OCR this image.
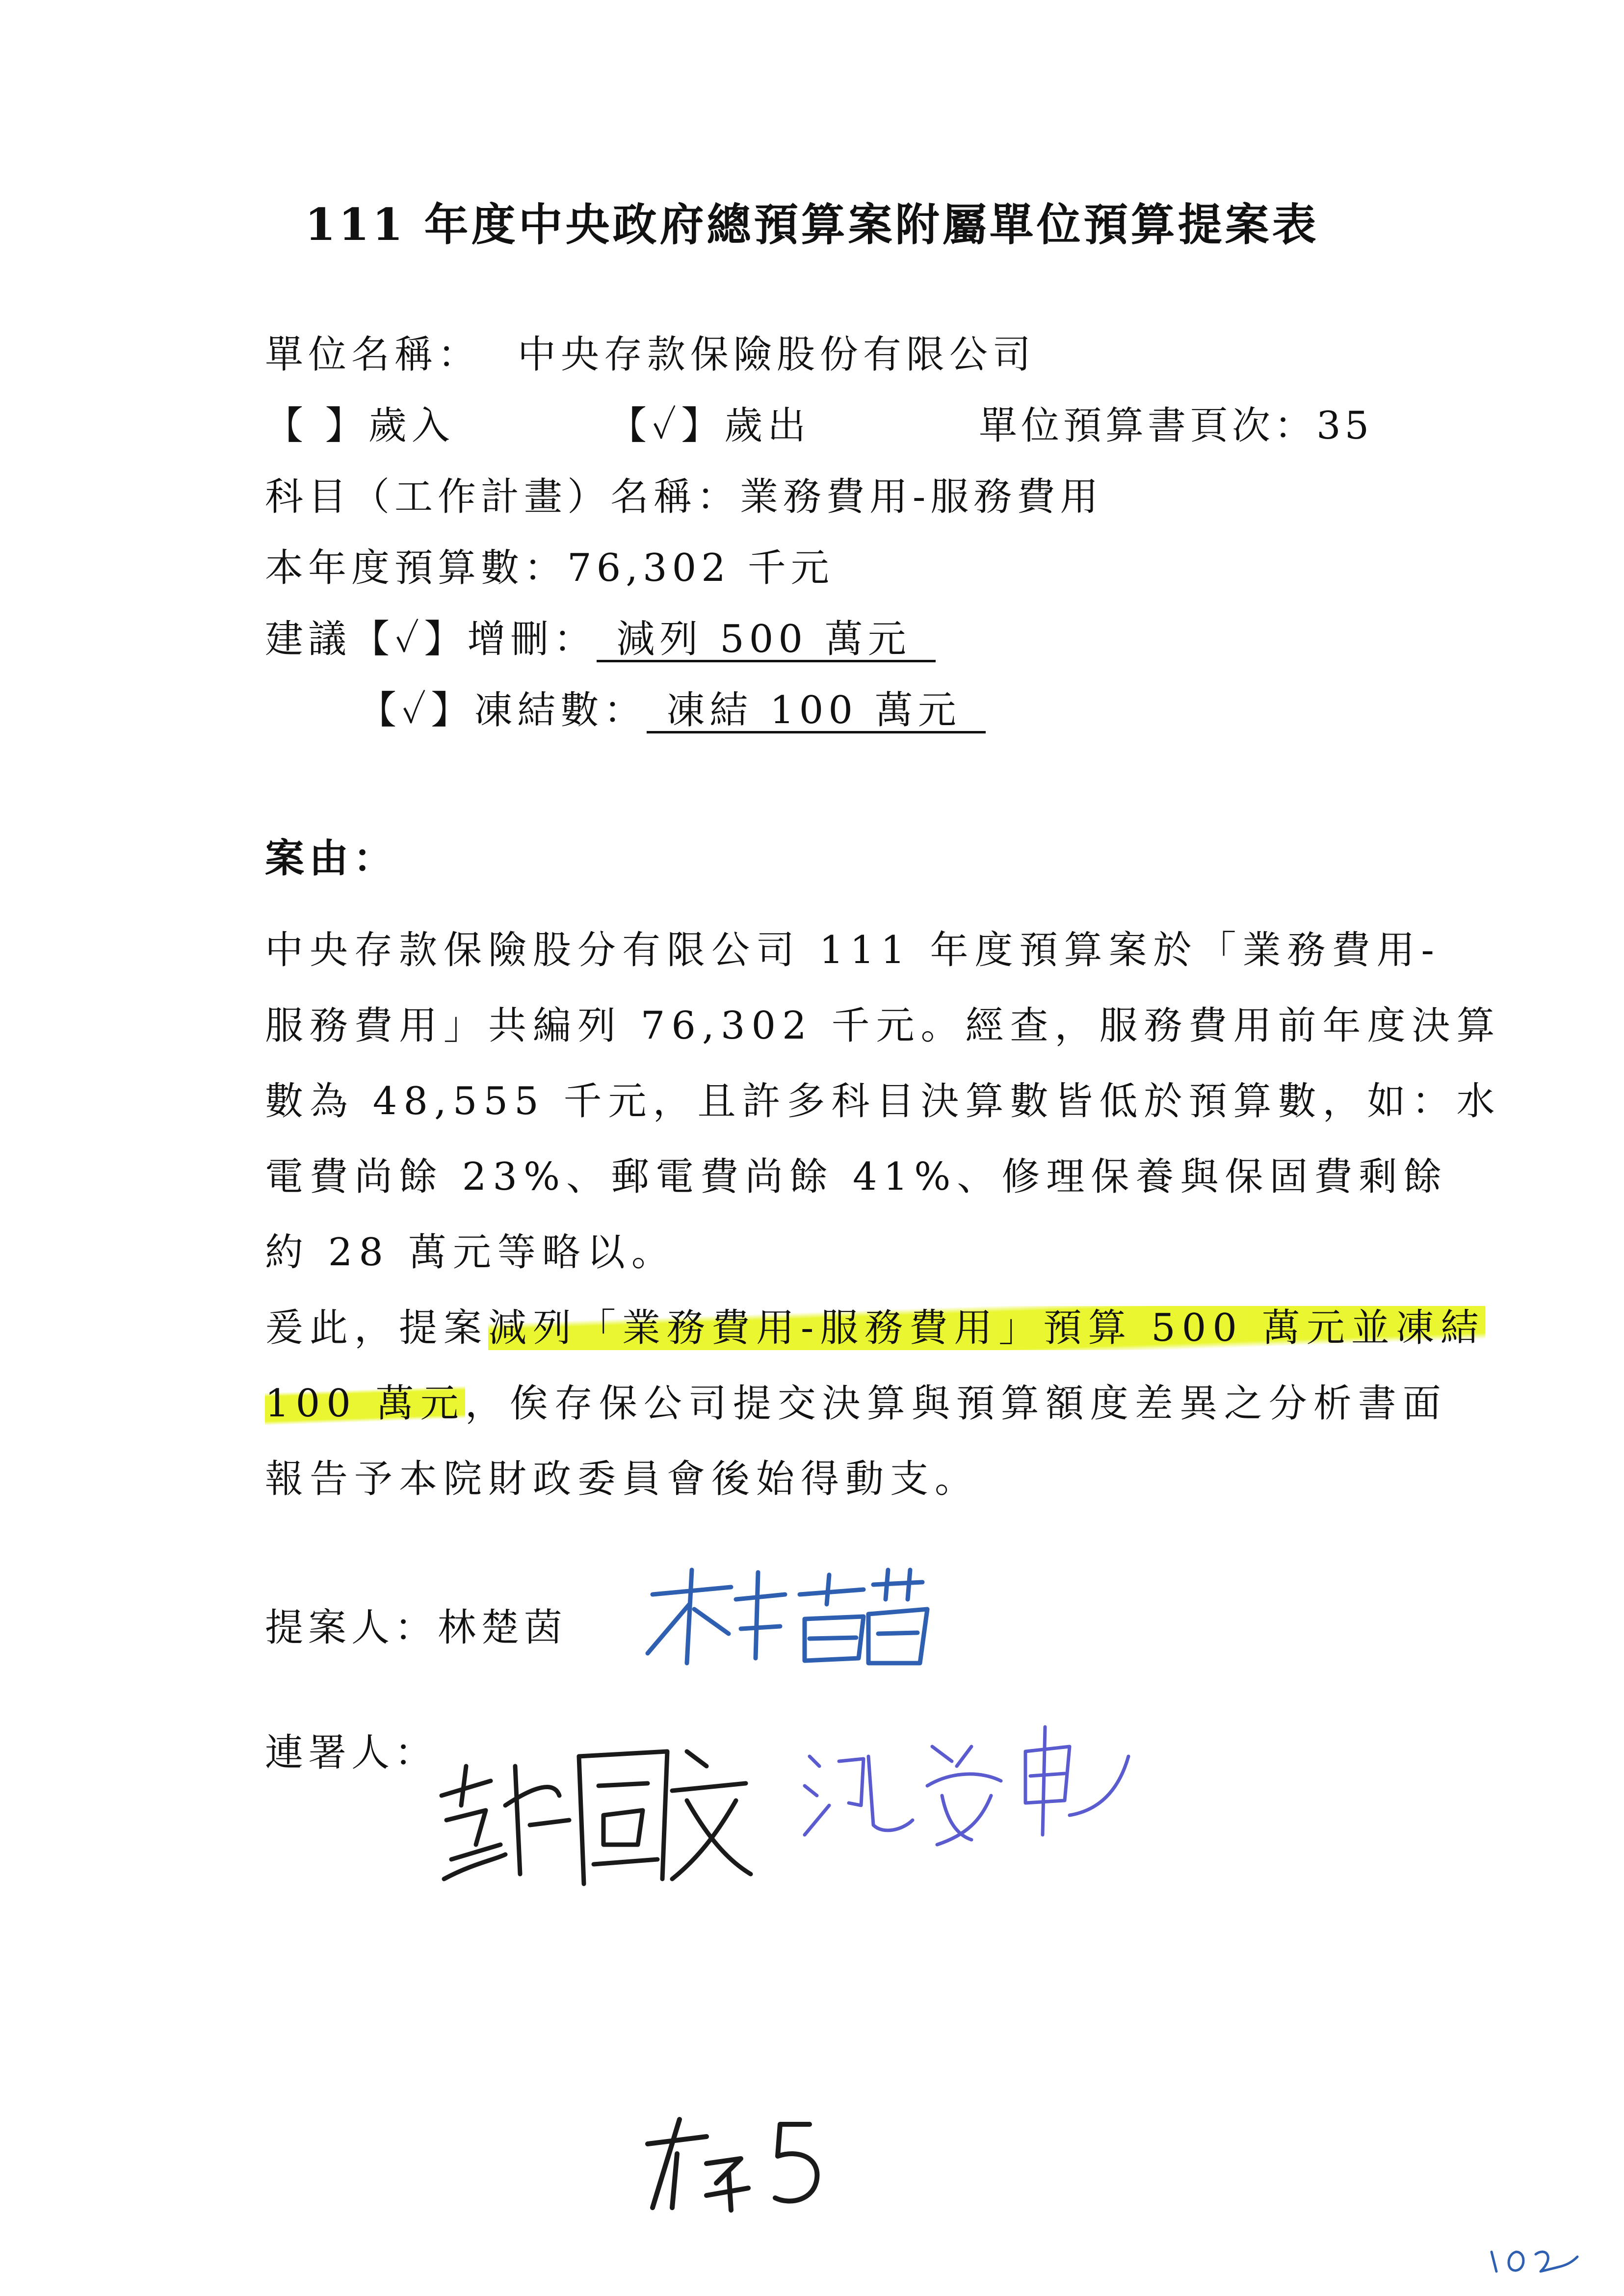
111 年度中央政府總預算案附屬單位預算提案表
單位名稱： 中央存款保險股份有限公司
【 】歲入	【✓】歲出	單位預算書頁次：35
科目（工作計畫）名稱：業務費用-服務費用
本年度預算數：76,302 千元
建議【✓】增刪： 減列 500 萬元
【✓】凍結數： 凍結 100 萬元
案由：
中央存款保險股分有限公司 111 年度預算案於「業務費用-
服務費用」共編列 76,302 千元。經查，服務費用前年度決算
數為 48,555 千元，且許多科目決算數皆低於預算數，如：水
電費尚餘 23%、郵電費尚餘 41%、修理保養與保固費剩餘
約 28 萬元等略以。
爰此，提案減列「業務費用-服務費用」預算 500 萬元並凍結
100 萬元，俟存保公司提交決算與預算額度差異之分析書面
報告予本院財政委員會後始得動支。
提案人：林楚茵
連署人：
